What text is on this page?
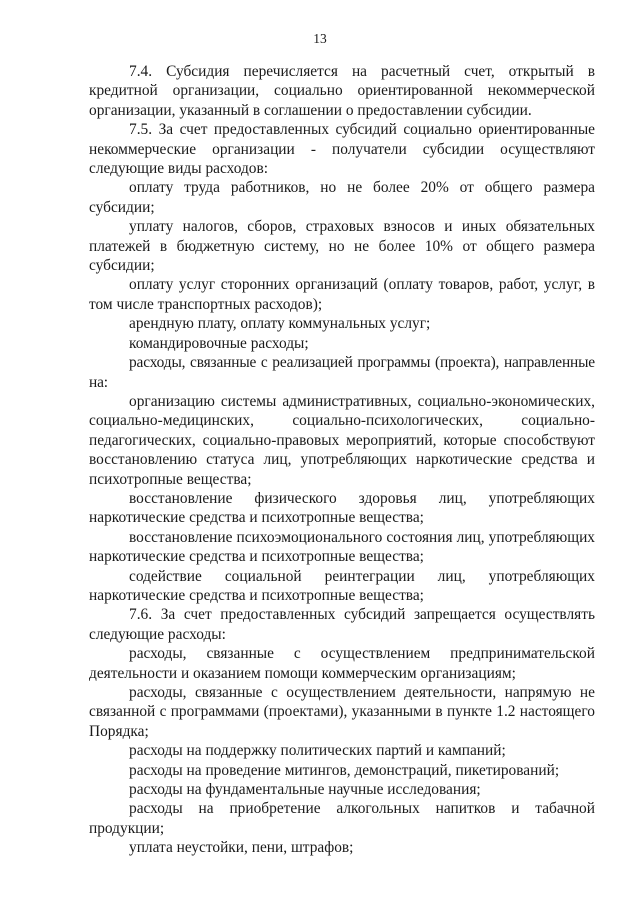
13

7.4. Субсидия перечисляется на расчетный счет, открытый в кредитной организации, социально ориентированной некоммерческой организации, указанный в соглашении о предоставлении субсидии.

7.5. За счет предоставленных субсидий социально ориентированные некоммерческие организации - получатели субсидии осуществляют следующие виды расходов:

оплату труда работников, но не более 20% от общего размера субсидии;

уплату налогов, сборов, страховых взносов и иных обязательных платежей в бюджетную систему, но не более 10% от общего размера субсидии;

оплату услуг сторонних организаций (оплату товаров, работ, услуг, в том числе транспортных расходов);

арендную плату, оплату коммунальных услуг;

командировочные расходы;

расходы, связанные с реализацией программы (проекта), направленные на:

организацию системы административных, социально-экономических, социально-медицинских, социально-психологических, социально-педагогических, социально-правовых мероприятий, которые способствуют восстановлению статуса лиц, употребляющих наркотические средства и психотропные вещества;

восстановление физического здоровья лиц, употребляющих наркотические средства и психотропные вещества;

восстановление психоэмоционального состояния лиц, употребляющих наркотические средства и психотропные вещества;

содействие социальной реинтеграции лиц, употребляющих наркотические средства и психотропные вещества;

7.6. За счет предоставленных субсидий запрещается осуществлять следующие расходы:

расходы, связанные с осуществлением предпринимательской деятельности и оказанием помощи коммерческим организациям;

расходы, связанные с осуществлением деятельности, напрямую не связанной с программами (проектами), указанными в пункте 1.2 настоящего Порядка;

расходы на поддержку политических партий и кампаний;

расходы на проведение митингов, демонстраций, пикетирований;

расходы на фундаментальные научные исследования;

расходы на приобретение алкогольных напитков и табачной продукции;

уплата неустойки, пени, штрафов;
